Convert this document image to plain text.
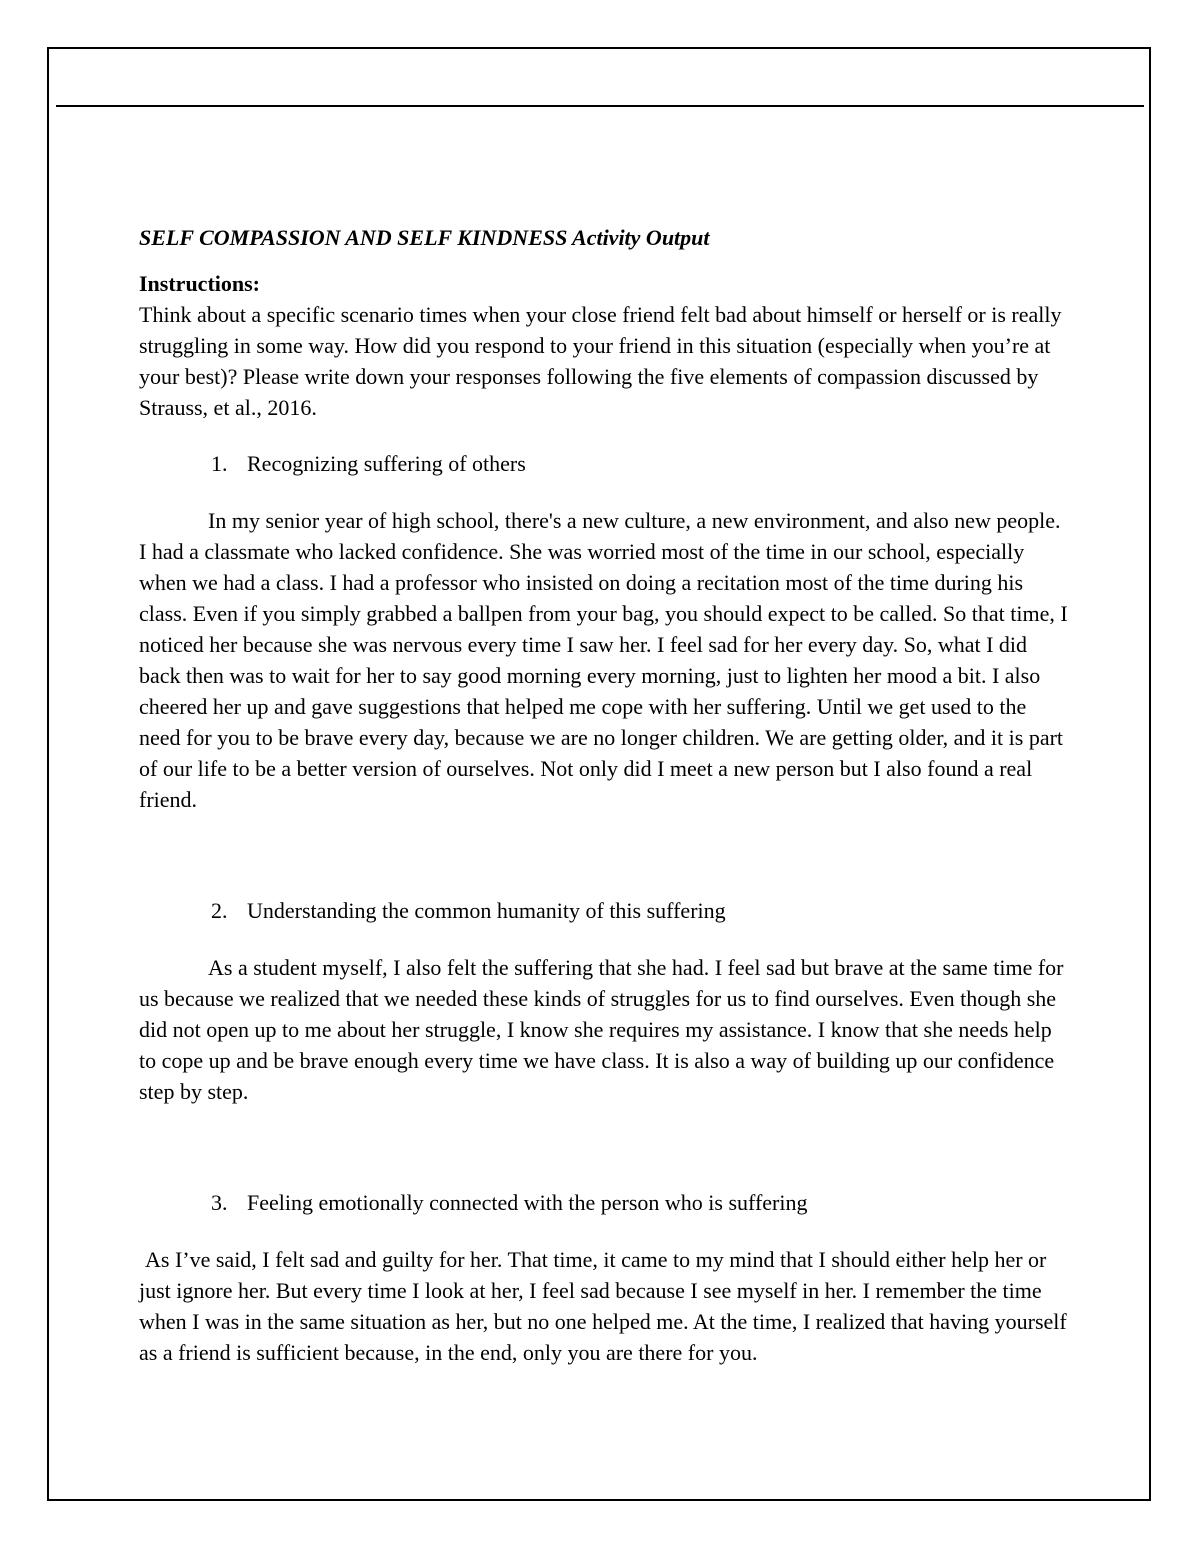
SELF COMPASSION AND SELF KINDNESS Activity Output

Instructions:

Think about a specific scenario times when your close friend felt bad about himself or herself or is really struggling in some way. How did you respond to your friend in this situation (especially when you’re at your best)? Please write down your responses following the five elements of compassion discussed by Strauss, et al., 2016.

1. Recognizing suffering of others

In my senior year of high school, there's a new culture, a new environment, and also new people. I had a classmate who lacked confidence. She was worried most of the time in our school, especially when we had a class. I had a professor who insisted on doing a recitation most of the time during his class. Even if you simply grabbed a ballpen from your bag, you should expect to be called. So that time, I noticed her because she was nervous every time I saw her. I feel sad for her every day. So, what I did back then was to wait for her to say good morning every morning, just to lighten her mood a bit. I also cheered her up and gave suggestions that helped me cope with her suffering. Until we get used to the need for you to be brave every day, because we are no longer children. We are getting older, and it is part of our life to be a better version of ourselves. Not only did I meet a new person but I also found a real friend.

2. Understanding the common humanity of this suffering

As a student myself, I also felt the suffering that she had. I feel sad but brave at the same time for us because we realized that we needed these kinds of struggles for us to find ourselves. Even though she did not open up to me about her struggle, I know she requires my assistance. I know that she needs help to cope up and be brave enough every time we have class. It is also a way of building up our confidence step by step.

3. Feeling emotionally connected with the person who is suffering

As I’ve said, I felt sad and guilty for her. That time, it came to my mind that I should either help her or just ignore her. But every time I look at her, I feel sad because I see myself in her. I remember the time when I was in the same situation as her, but no one helped me. At the time, I realized that having yourself as a friend is sufficient because, in the end, only you are there for you.
